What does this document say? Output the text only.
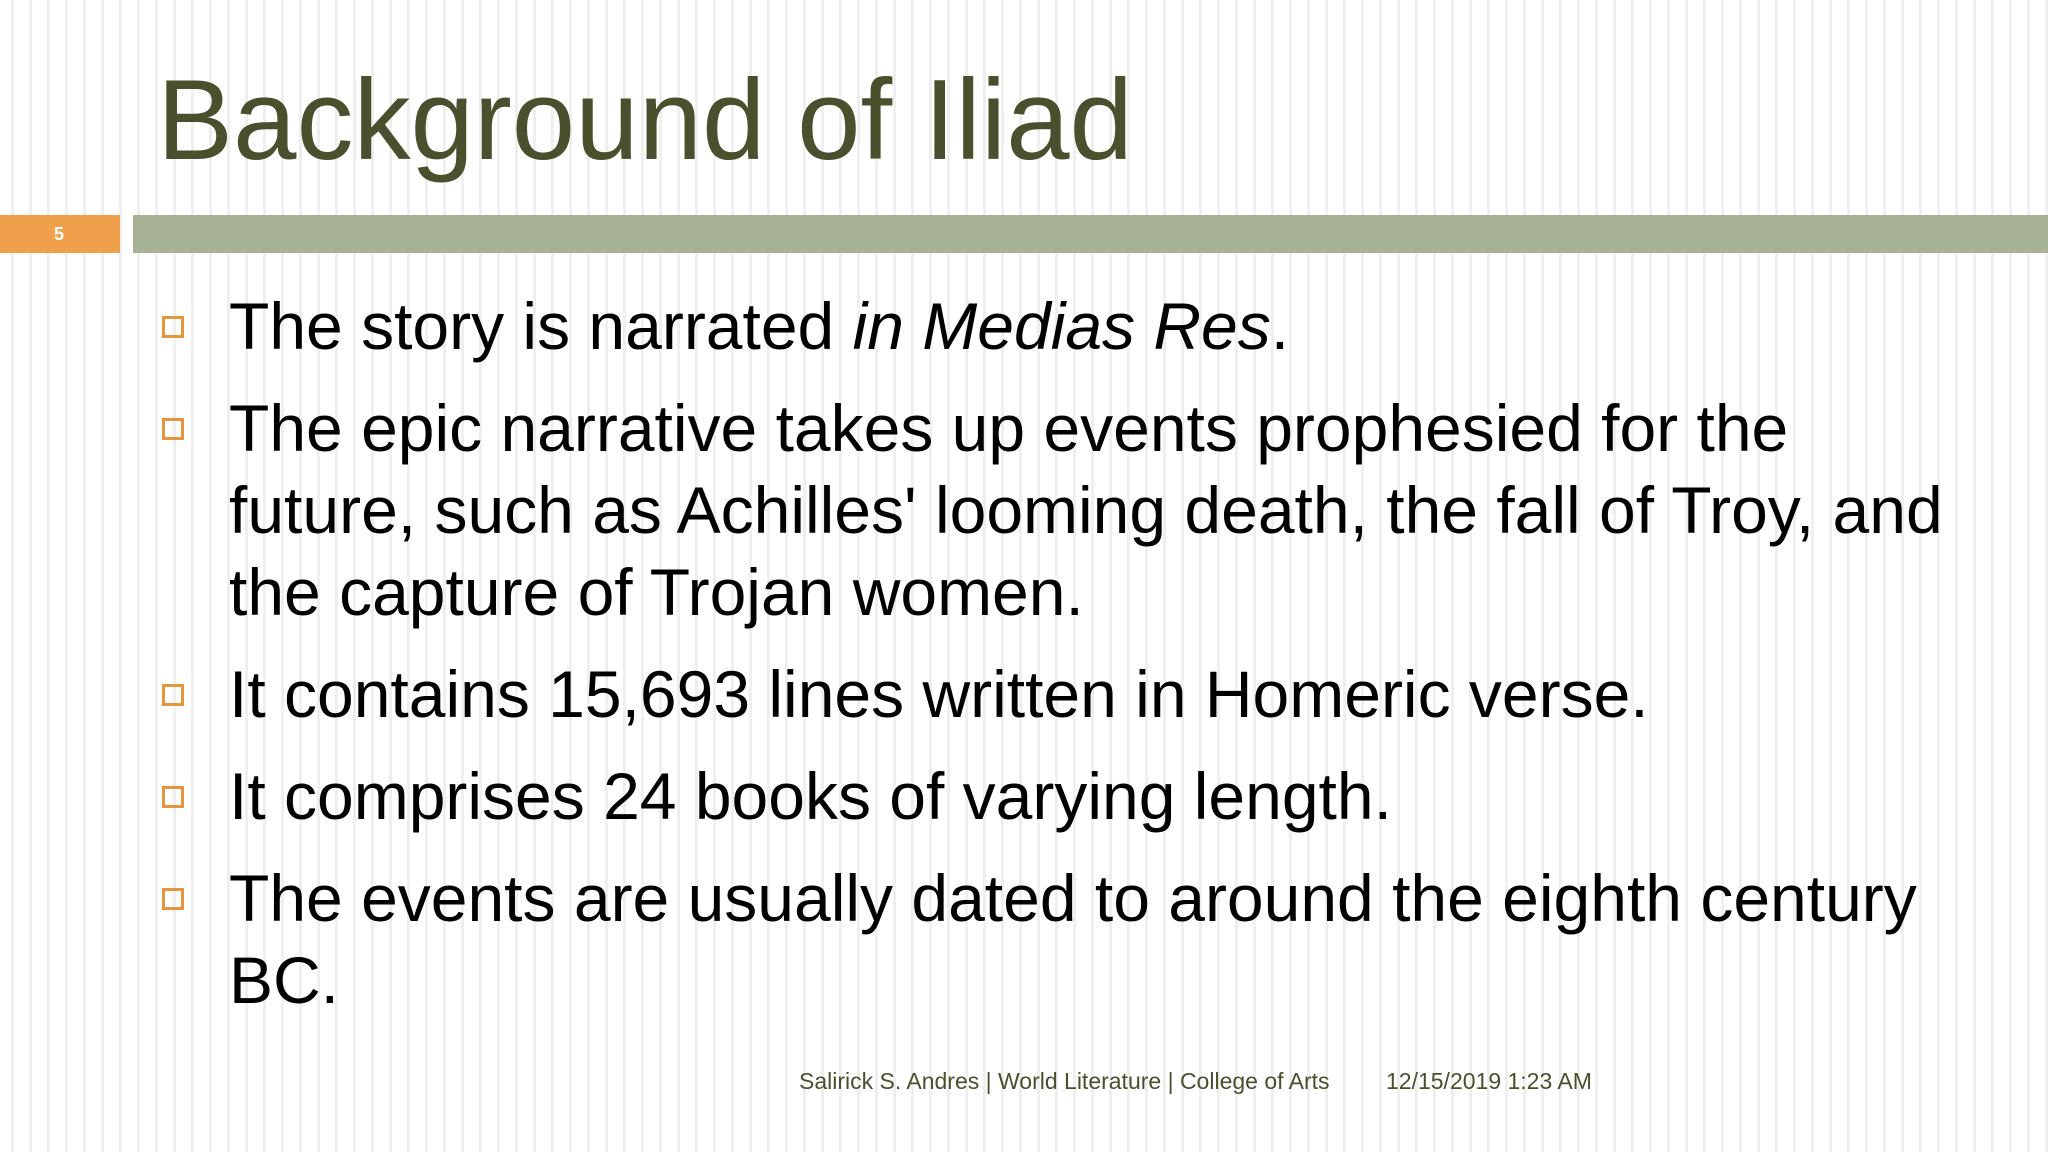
Background of Iliad
5
The story is narrated in Medias Res.
The epic narrative takes up events prophesied for the future, such as Achilles' looming death, the fall of Troy, and the capture of Trojan women.
It contains 15,693 lines written in Homeric verse.
It comprises 24 books of varying length.
The events are usually dated to around the eighth century BC.
Salirick S. Andres | World Literature | College of Arts 12/15/2019 1:23 AM
